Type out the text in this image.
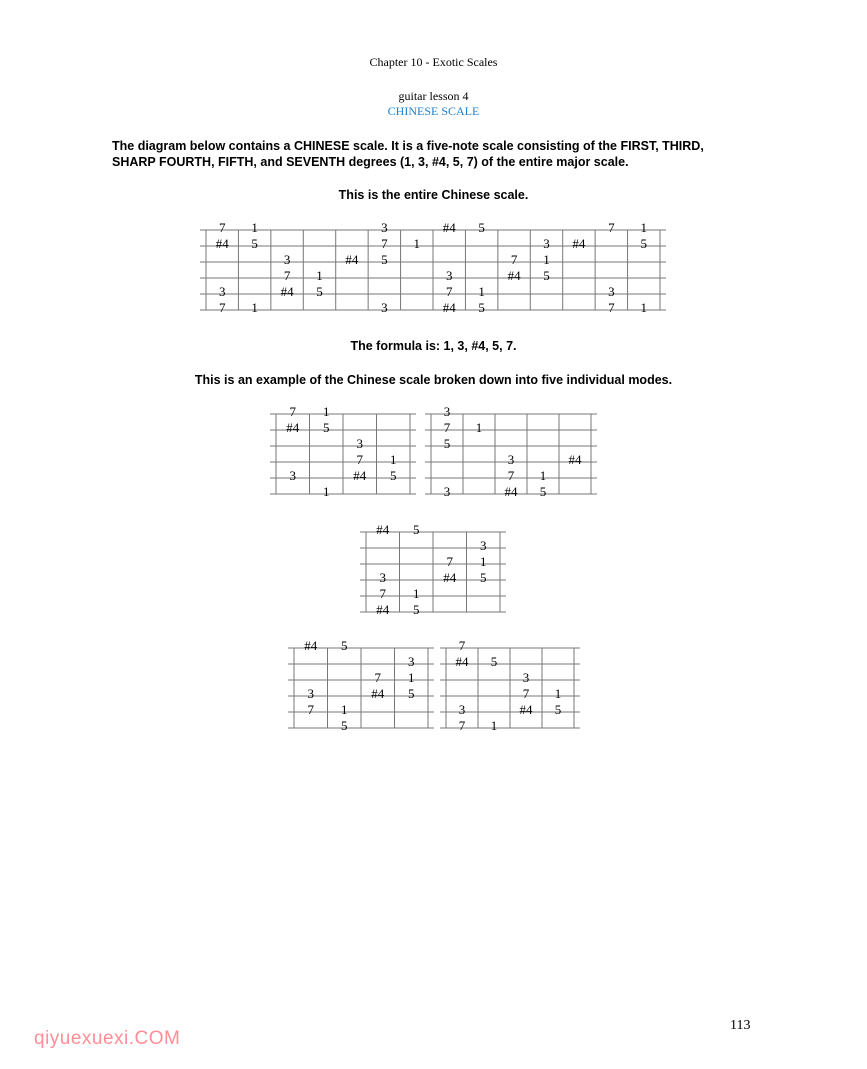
Chapter 10 - Exotic Scales
guitar lesson 4
CHINESE SCALE
The diagram below contains a CHINESE scale. It is a five-note scale consisting of the FIRST, THIRD,
SHARP FOURTH, FIFTH, and SEVENTH degrees (1, 3, #4, 5, 7) of the entire major scale.
This is the entire Chinese scale.
7 1	3	#4 5	7 1
#4 5	7 1	3 #4	5
3	#4 5	7 1
7 1	3	#4 5
3	#4 5	7 1	3
7 1	3	#4 5	7 1
The formula is: 1, 3, #4, 5, 7.
This is an example of the Chinese scale broken down into five individual modes.
7 1
#4 5
3
7 1
3	#4 5
1
3
7 1
5
3	#4
7 1
3	#4 5
#4 5
3
7 1
3	#4 5
7 1
#4 5
#4 5
3
7 1
3	#4 5
7 1
5
7
#4 5
3
7 1
3	#4 5
7 1
113
qiyuexuexi.COM
